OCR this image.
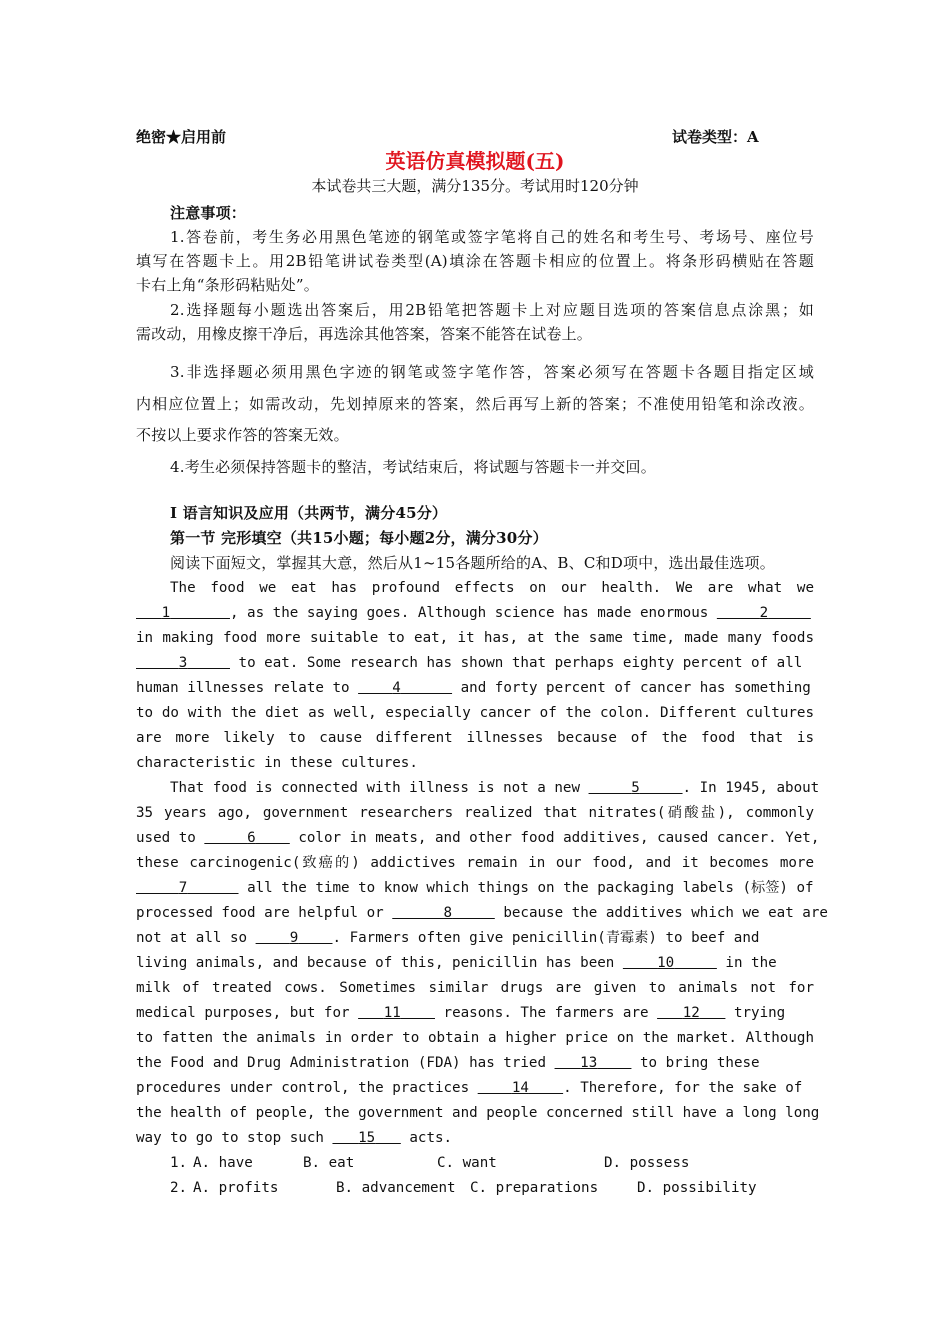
绝密★启用前	试卷类型：A
英语仿真模拟题(五)
本试卷共三大题，满分135分。考试用时120分钟
注意事项：
1.答卷前，考生务必用黑色笔迹的钢笔或签字笔将自己的姓名和考生号、考场号、座位号
填写在答题卡上。用2B铅笔讲试卷类型(A)填涂在答题卡相应的位置上。将条形码横贴在答题
卡右上角“条形码粘贴处”。
2.选择题每小题选出答案后，用2B铅笔把答题卡上对应题目选项的答案信息点涂黑；如
需改动，用橡皮擦干净后，再选涂其他答案，答案不能答在试卷上。
3.非选择题必须用黑色字迹的钢笔或签字笔作答，答案必须写在答题卡各题目指定区域
内相应位置上；如需改动，先划掉原来的答案，然后再写上新的答案；不准使用铅笔和涂改液。
不按以上要求作答的答案无效。
4.考生必须保持答题卡的整洁，考试结束后，将试题与答题卡一并交回。
I 语言知识及应用（共两节，满分45分）
第一节 完形填空（共15小题；每小题2分，满分30分）
阅读下面短文，掌握其大意，然后从1~15各题所给的A、B、C和D项中，选出最佳选项。
The food we eat has profound effects on our health. We are what we
1	, as the saying goes. Although science has made enormous	2
in making food more suitable to eat, it has, at the same time, made many foods
3	to eat. Some research has shown that perhaps eighty percent of all
human illnesses relate to	4	and forty percent of cancer has something
to do with the diet as well, especially cancer of the colon. Different cultures
are more likely to cause different illnesses because of the food that is
characteristic in these cultures.
That food is connected with illness is not a new	5	. In 1945, about
35 years ago, government researchers realized that nitrates(硝酸盐), commonly
used to	6	color in meats, and other food additives, caused cancer. Yet,
these carcinogenic(致癌的) addictives remain in our food, and it becomes more
7	all the time to know which things on the packaging labels (标签) of
processed food are helpful or	8	because the additives which we eat are
not at all so	9 . Farmers often give penicillin(青霉素) to beef and
living animals, and because of this, penicillin has been	10	in the
milk of treated cows. Sometimes similar drugs are given to animals not for
medical purposes, but for 11	reasons. The farmers are 12 trying
to fatten the animals in order to obtain a higher price on the market. Although
the Food and Drug Administration (FDA) has tried 13	to bring these
procedures under control, the practices	14 . Therefore, for the sake of
the health of people, the government and people concerned still have a long long
way to go to stop such 15 acts.
1. A. have	B. eat	C. want	D. possess
2. A. profits	B. advancement C. preparations	D. possibility
